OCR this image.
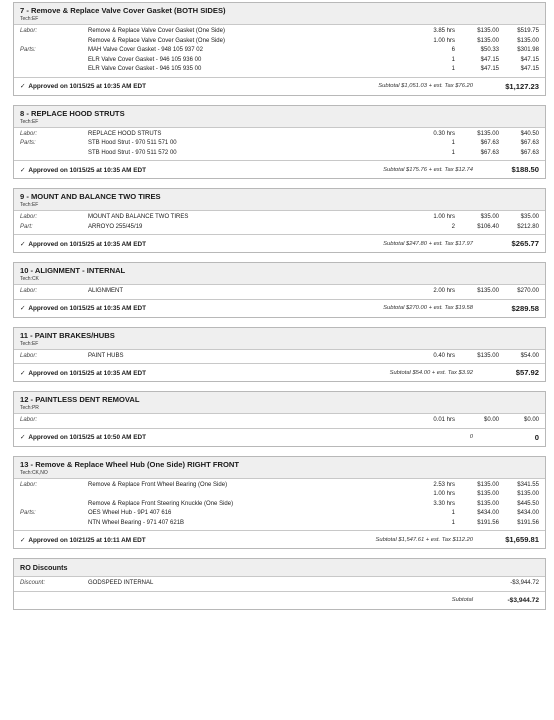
7 - Remove & Replace Valve Cover Gasket (BOTH SIDES)
Tech:EF
Labor:	Remove & Replace Valve Cover Gasket (One Side)	3.85 hrs	$135.00	$519.75
Remove & Replace Valve Cover Gasket (One Side)	1.00 hrs	$135.00	$135.00
Parts:	MAH Valve Cover Gasket - 948 105 937 02	6	$50.33	$301.98
ELR Valve Cover Gasket - 946 105 936 00	1	$47.15	$47.15
ELR Valve Cover Gasket - 946 105 935 00	1	$47.15	$47.15
✓ Approved on 10/15/25 at 10:35 AM EDT	Subtotal $1,051.03 + est. Tax $76.20	$1,127.23
8 - REPLACE HOOD STRUTS
Tech:EF
Labor:	REPLACE HOOD STRUTS	0.30 hrs	$135.00	$40.50
Parts:	STB Hood Strut - 970 511 571 00	1	$67.63	$67.63
STB Hood Strut - 970 511 572 00	1	$67.63	$67.63
✓ Approved on 10/15/25 at 10:35 AM EDT	Subtotal $175.76 + est. Tax $12.74	$188.50
9 - MOUNT AND BALANCE TWO TIRES
Tech:EF
Labor:	MOUNT AND BALANCE TWO TIRES	1.00 hrs	$35.00	$35.00
Part:	ARROYO 255/45/19	2	$106.40	$212.80
✓ Approved on 10/15/25 at 10:35 AM EDT	Subtotal $247.80 + est. Tax $17.97	$265.77
10 - ALIGNMENT - INTERNAL
Tech:CK
Labor:	ALIGNMENT	2.00 hrs	$135.00	$270.00
✓ Approved on 10/15/25 at 10:35 AM EDT	Subtotal $270.00 + est. Tax $19.58	$289.58
11 - PAINT BRAKES/HUBS
Tech:EF
Labor:	PAINT HUBS	0.40 hrs	$135.00	$54.00
✓ Approved on 10/15/25 at 10:35 AM EDT	Subtotal $54.00 + est. Tax $3.92	$57.92
12 - PAINTLESS DENT REMOVAL
Tech:PR
Labor:	0.01 hrs	$0.00	$0.00
✓ Approved on 10/15/25 at 10:50 AM EDT	0	0
13 - Remove & Replace Wheel Hub (One Side) RIGHT FRONT
Tech:CK,NO
Labor:	Remove & Replace Front Wheel Bearing (One Side)	2.53 hrs	$135.00	$341.55
1.00 hrs	$135.00	$135.00
Remove & Replace Front Steering Knuckle (One Side)	3.30 hrs	$135.00	$445.50
Parts:	OES Wheel Hub - 9P1 407 616	1	$434.00	$434.00
NTN Wheel Bearing - 971 407 621B	1	$191.56	$191.56
✓ Approved on 10/21/25 at 10:11 AM EDT	Subtotal $1,547.61 + est. Tax $112.20	$1,659.81
RO Discounts
Discount:	GODSPEED INTERNAL	-$3,944.72
Subtotal	-$3,944.72
